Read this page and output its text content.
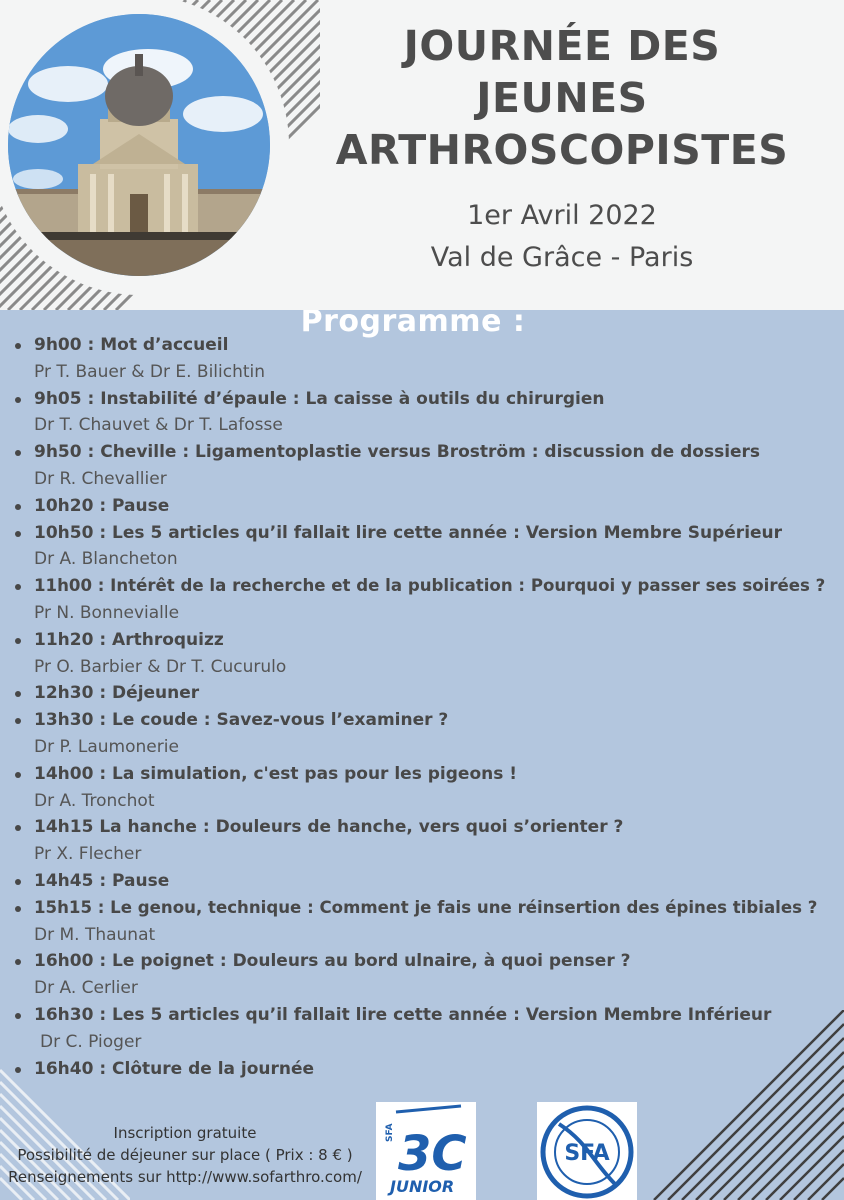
JOURNÉE DES
JEUNES
ARTHROSCOPISTES
1er Avril 2022
Val de Grâce - Paris
Programme :
9h00 : Mot d’accueil
Pr T. Bauer & Dr E. Bilichtin
9h05 : Instabilité d’épaule : La caisse à outils du chirurgien
Dr T. Chauvet & Dr T. Lafosse
9h50 : Cheville : Ligamentoplastie versus Broström : discussion de dossiers
Dr R. Chevallier
10h20 : Pause
10h50 : Les 5 articles qu’il fallait lire cette année : Version Membre Supérieur
Dr A. Blancheton
11h00 : Intérêt de la recherche et de la publication : Pourquoi y passer ses soirées ?
Pr N. Bonnevialle
11h20 : Arthroquizz
Pr O. Barbier & Dr T. Cucurulo
12h30 : Déjeuner
13h30 : Le coude : Savez-vous l’examiner ?
Dr P. Laumonerie
14h00 : La simulation, c'est pas pour les pigeons !
Dr A. Tronchot
14h15 La hanche : Douleurs de hanche, vers quoi s’orienter ?
Pr X. Flecher
14h45 : Pause
15h15 : Le genou, technique : Comment je fais une réinsertion des épines tibiales ?
Dr M. Thaunat
16h00 : Le poignet : Douleurs au bord ulnaire, à quoi penser ?
Dr A. Cerlier
16h30 : Les 5 articles qu’il fallait lire cette année : Version Membre Inférieur
Dr C. Pioger
16h40 : Clôture de la journée
Inscription gratuite
Possibilité de déjeuner sur place ( Prix : 8 € )
Renseignements sur http://www.sofarthro.com/
SFA 3C
JUNIOR
SFA
